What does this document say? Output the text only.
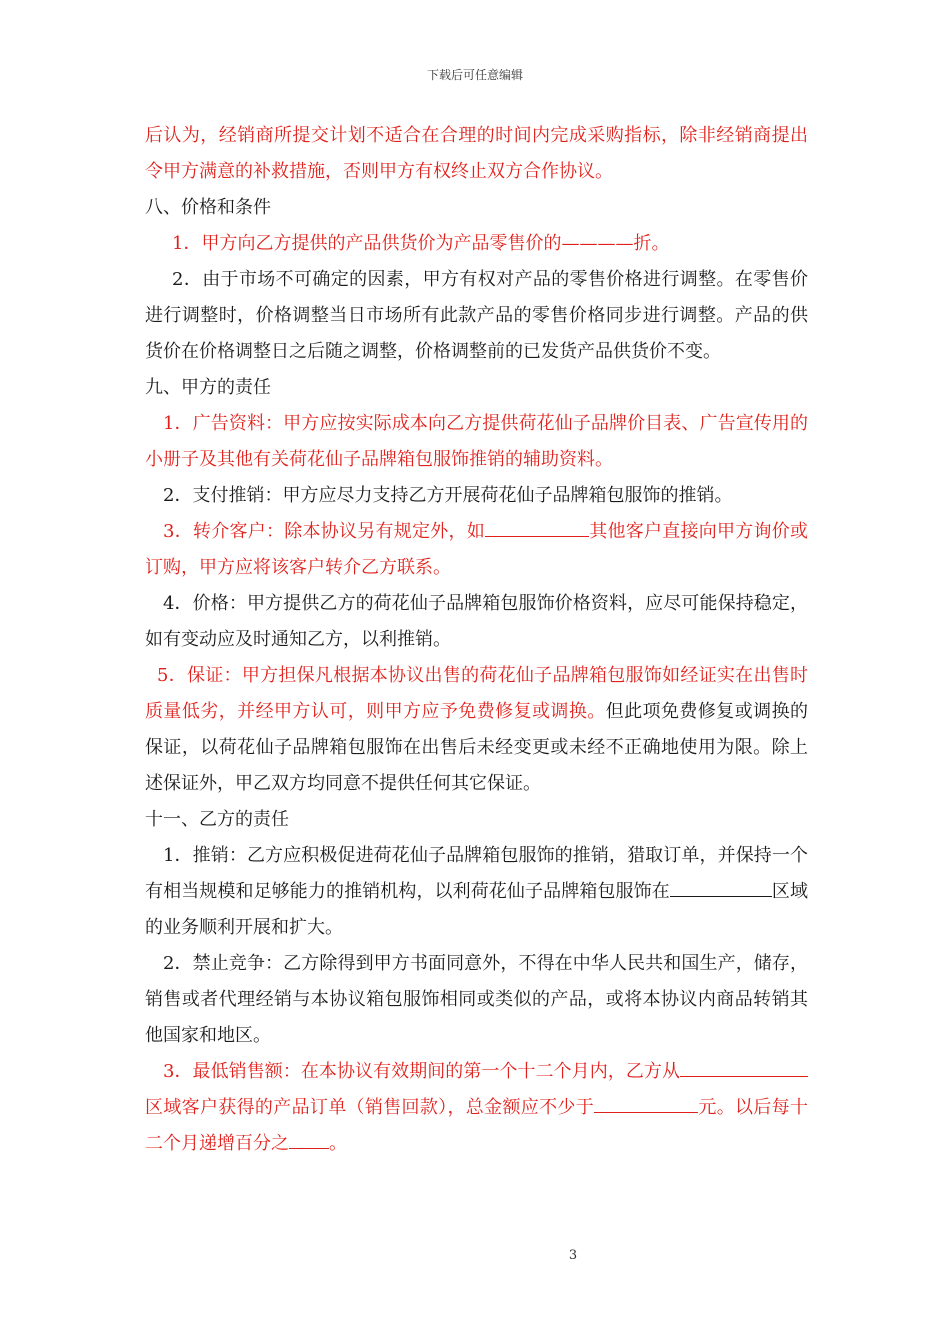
下载后可任意编辑

后认为，经销商所提交计划不适合在合理的时间内完成采购指标，除非经销商提出令甲方满意的补救措施，否则甲方有权终止双方合作协议。

八、价格和条件

1．甲方向乙方提供的产品供货价为产品零售价的————折。

2．由于市场不可确定的因素，甲方有权对产品的零售价格进行调整。在零售价进行调整时，价格调整当日市场所有此款产品的零售价格同步进行调整。产品的供货价在价格调整日之后随之调整，价格调整前的已发货产品供货价不变。

九、甲方的责任

1．广告资料：甲方应按实际成本向乙方提供荷花仙子品牌价目表、广告宣传用的小册子及其他有关荷花仙子品牌箱包服饰推销的辅助资料。

2．支付推销：甲方应尽力支持乙方开展荷花仙子品牌箱包服饰的推销。

3．转介客户：除本协议另有规定外，如	其他客户直接向甲方询价或订购，甲方应将该客户转介乙方联系。

4．价格：甲方提供乙方的荷花仙子品牌箱包服饰价格资料，应尽可能保持稳定，如有变动应及时通知乙方，以利推销。

5．保证：甲方担保凡根据本协议出售的荷花仙子品牌箱包服饰如经证实在出售时质量低劣，并经甲方认可，则甲方应予免费修复或调换。但此项免费修复或调换的保证，以荷花仙子品牌箱包服饰在出售后未经变更或未经不正确地使用为限。除上述保证外，甲乙双方均同意不提供任何其它保证。

十一、乙方的责任

1．推销：乙方应积极促进荷花仙子品牌箱包服饰的推销，猎取订单，并保持一个有相当规模和足够能力的推销机构，以利荷花仙子品牌箱包服饰在	区域的业务顺利开展和扩大。

2．禁止竞争：乙方除得到甲方书面同意外，不得在中华人民共和国生产，储存，销售或者代理经销与本协议箱包服饰相同或类似的产品，或将本协议内商品转销其他国家和地区。

3．最低销售额：在本协议有效期间的第一个十二个月内，乙方从区域客户获得的产品订单（销售回款），总金额应不少于	元。以后每十二个月递增百分之 。

3
